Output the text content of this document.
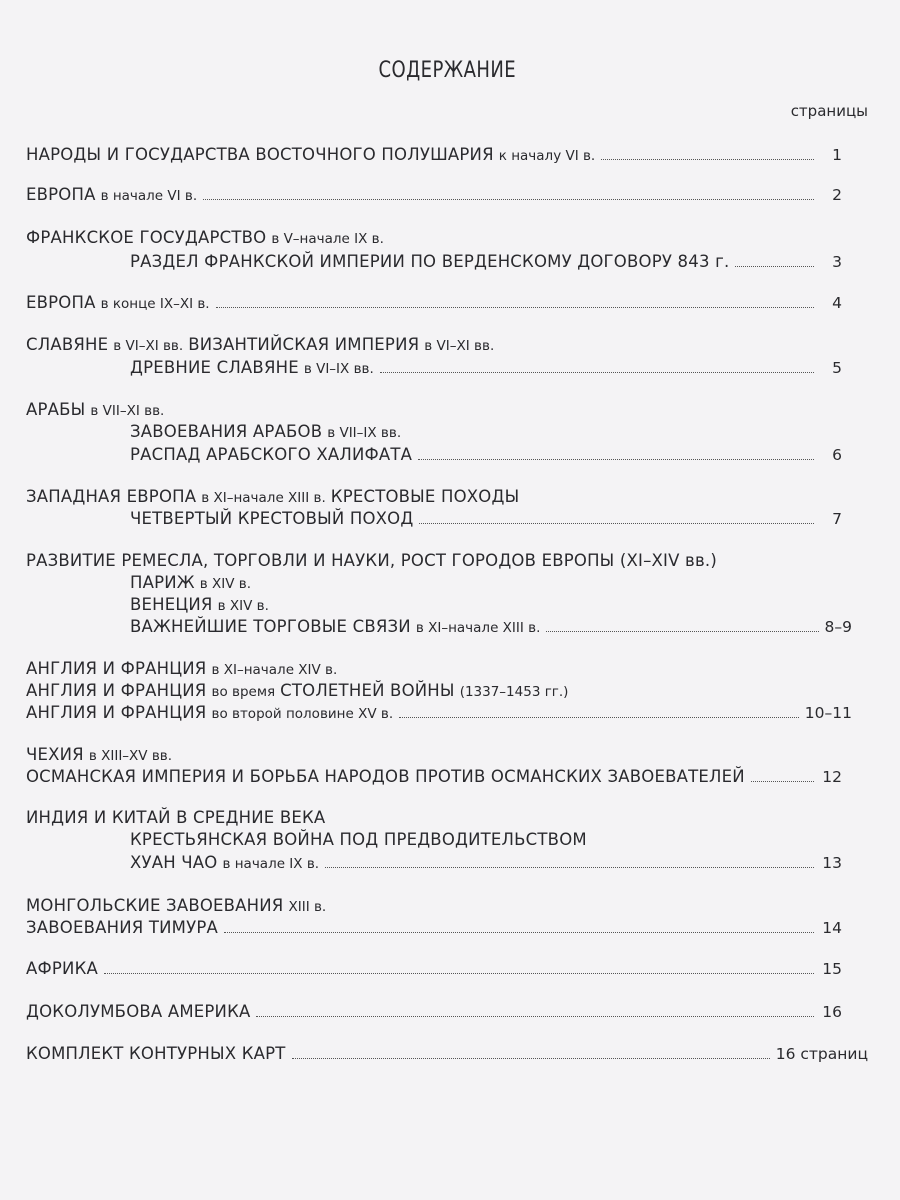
СОДЕРЖАНИЕ
страницы
НАРОДЫ И ГОСУДАРСТВА ВОСТОЧНОГО ПОЛУШАРИЯ к началу VI в.	1
ЕВРОПА в начале VI в.	2
ФРАНКСКОЕ ГОСУДАРСТВО в V–начале IX в.
РАЗДЕЛ ФРАНКСКОЙ ИМПЕРИИ ПО ВЕРДЕНСКОМУ ДОГОВОРУ 843 г.	3
ЕВРОПА в конце IX–XI в.	4
СЛАВЯНЕ в VI–XI вв. ВИЗАНТИЙСКАЯ ИМПЕРИЯ в VI–XI вв.
ДРЕВНИЕ СЛАВЯНЕ в VI–IX вв.	5
АРАБЫ в VII–XI вв.
ЗАВОЕВАНИЯ АРАБОВ в VII–IX вв.
РАСПАД АРАБСКОГО ХАЛИФАТА	6
ЗАПАДНАЯ ЕВРОПА в XI–начале XIII в. КРЕСТОВЫЕ ПОХОДЫ
ЧЕТВЕРТЫЙ КРЕСТОВЫЙ ПОХОД	7
РАЗВИТИЕ РЕМЕСЛА, ТОРГОВЛИ И НАУКИ, РОСТ ГОРОДОВ ЕВРОПЫ (XI–XIV вв.)
ПАРИЖ в XIV в.
ВЕНЕЦИЯ в XIV в.
ВАЖНЕЙШИЕ ТОРГОВЫЕ СВЯЗИ в XI–начале XIII в.	8–9
АНГЛИЯ И ФРАНЦИЯ в XI–начале XIV в.
АНГЛИЯ И ФРАНЦИЯ во время СТОЛЕТНЕЙ ВОЙНЫ (1337–1453 гг.)
АНГЛИЯ И ФРАНЦИЯ во второй половине XV в.	10–11
ЧЕХИЯ в XIII–XV вв.
ОСМАНСКАЯ ИМПЕРИЯ И БОРЬБА НАРОДОВ ПРОТИВ ОСМАНСКИХ ЗАВОЕВАТЕЛЕЙ	12
ИНДИЯ И КИТАЙ В СРЕДНИЕ ВЕКА
КРЕСТЬЯНСКАЯ ВОЙНА ПОД ПРЕДВОДИТЕЛЬСТВОМ
ХУАН ЧАО в начале IX в.	13
МОНГОЛЬСКИЕ ЗАВОЕВАНИЯ XIII в.
ЗАВОЕВАНИЯ ТИМУРА	14
АФРИКА	15
ДОКОЛУМБОВА АМЕРИКА	16
КОМПЛЕКТ КОНТУРНЫХ КАРТ	16 страниц
